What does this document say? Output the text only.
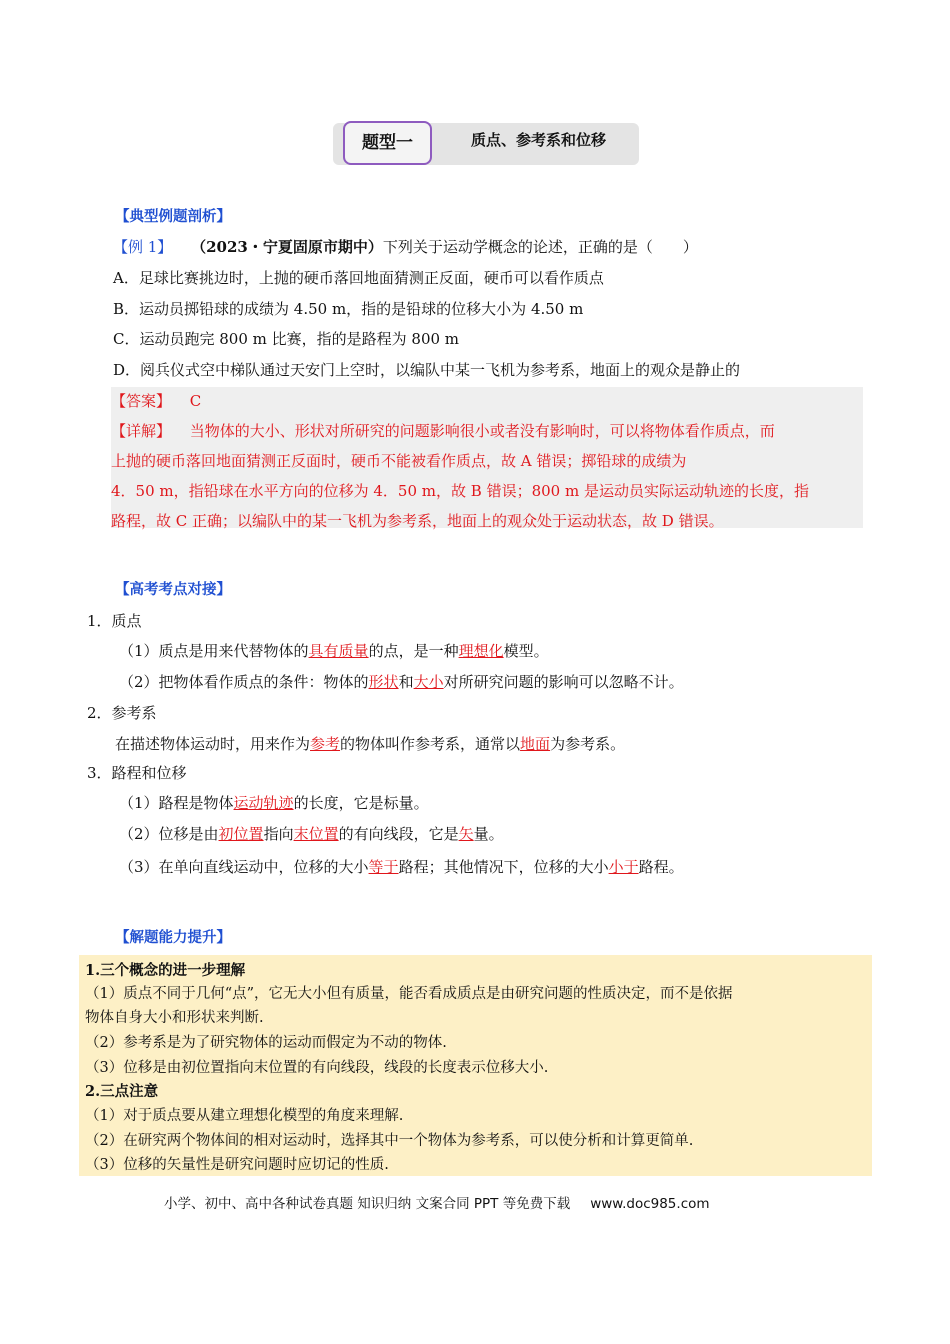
题型一	质点、参考系和位移
【典型例题剖析】
【例 1】 （2023・宁夏固原市期中）下列关于运动学概念的论述，正确的是（　　）
A．足球比赛挑边时，上抛的硬币落回地面猜测正反面，硬币可以看作质点
B．运动员掷铅球的成绩为 4.50 m，指的是铅球的位移大小为 4.50 m
C．运动员跑完 800 m 比赛，指的是路程为 800 m
D．阅兵仪式空中梯队通过天安门上空时，以编队中某一飞机为参考系，地面上的观众是静止的
【答案】 C
【详解】 当物体的大小、形状对所研究的问题影响很小或者没有影响时，可以将物体看作质点，而
上抛的硬币落回地面猜测正反面时，硬币不能被看作质点，故 A 错误；掷铅球的成绩为
4．50 m，指铅球在水平方向的位移为 4．50 m，故 B 错误；800 m 是运动员实际运动轨迹的长度，指
路程，故 C 正确；以编队中的某一飞机为参考系，地面上的观众处于运动状态，故 D 错误。
【高考考点对接】
1．质点
（1）质点是用来代替物体的具有质量的点，是一种理想化模型。
（2）把物体看作质点的条件：物体的形状和大小对所研究问题的影响可以忽略不计。
2．参考系
在描述物体运动时，用来作为参考的物体叫作参考系，通常以地面为参考系。
3．路程和位移
（1）路程是物体运动轨迹的长度，它是标量。
（2）位移是由初位置指向末位置的有向线段，它是矢量。
（3）在单向直线运动中，位移的大小等于路程；其他情况下，位移的大小小于路程。
【解题能力提升】
1.三个概念的进一步理解
（1）质点不同于几何“点”，它无大小但有质量，能否看成质点是由研究问题的性质决定，而不是依据
物体自身大小和形状来判断.
（2）参考系是为了研究物体的运动而假定为不动的物体.
（3）位移是由初位置指向末位置的有向线段，线段的长度表示位移大小.
2.三点注意
（1）对于质点要从建立理想化模型的角度来理解.
（2）在研究两个物体间的相对运动时，选择其中一个物体为参考系，可以使分析和计算更简单.
（3）位移的矢量性是研究问题时应切记的性质.
小学、初中、高中各种试卷真题 知识归纳 文案合同 PPT 等免费下载 www.doc985.com
